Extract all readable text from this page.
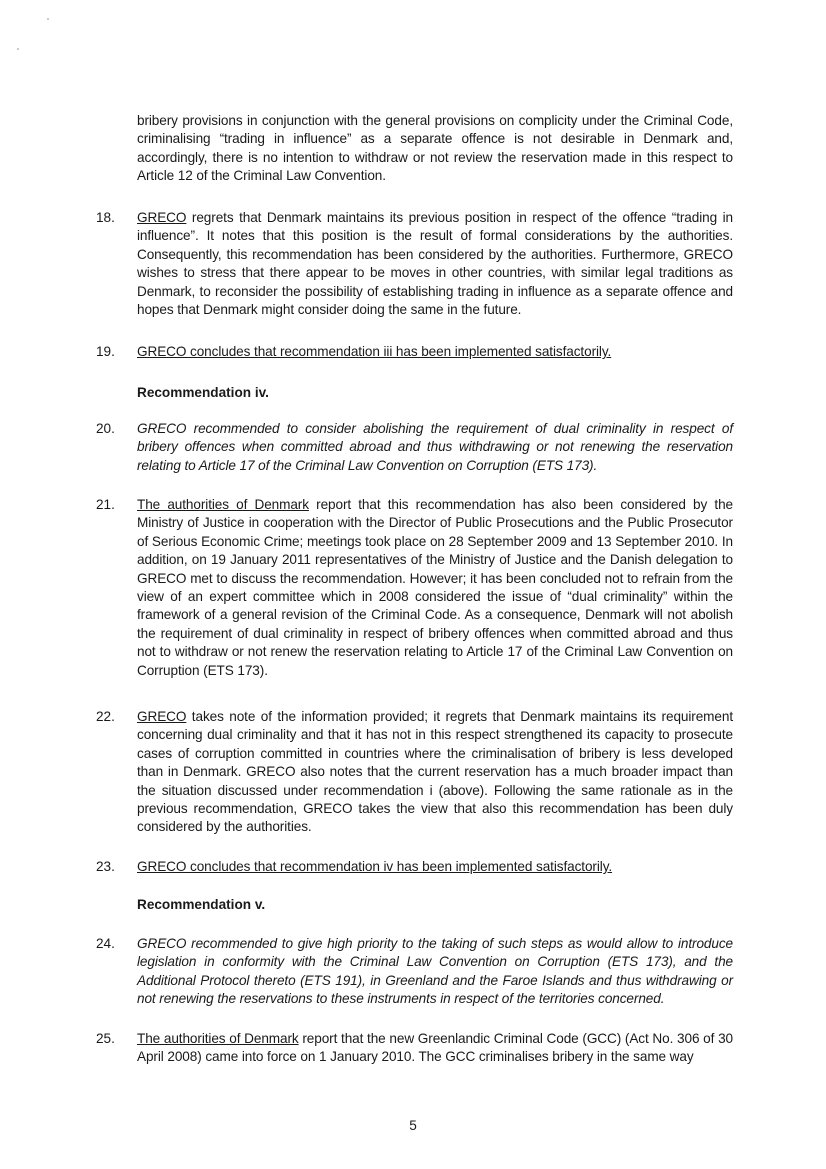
bribery provisions in conjunction with the general provisions on complicity under the Criminal Code, criminalising “trading in influence” as a separate offence is not desirable in Denmark and, accordingly, there is no intention to withdraw or not review the reservation made in this respect to Article 12 of the Criminal Law Convention.
18.	GRECO regrets that Denmark maintains its previous position in respect of the offence “trading in influence”. It notes that this position is the result of formal considerations by the authorities. Consequently, this recommendation has been considered by the authorities. Furthermore, GRECO wishes to stress that there appear to be moves in other countries, with similar legal traditions as Denmark, to reconsider the possibility of establishing trading in influence as a separate offence and hopes that Denmark might consider doing the same in the future.
19.	GRECO concludes that recommendation iii has been implemented satisfactorily.
Recommendation iv.
20.	GRECO recommended to consider abolishing the requirement of dual criminality in respect of bribery offences when committed abroad and thus withdrawing or not renewing the reservation relating to Article 17 of the Criminal Law Convention on Corruption (ETS 173).
21.	The authorities of Denmark report that this recommendation has also been considered by the Ministry of Justice in cooperation with the Director of Public Prosecutions and the Public Prosecutor of Serious Economic Crime; meetings took place on 28 September 2009 and 13 September 2010. In addition, on 19 January 2011 representatives of the Ministry of Justice and the Danish delegation to GRECO met to discuss the recommendation. However; it has been concluded not to refrain from the view of an expert committee which in 2008 considered the issue of “dual criminality” within the framework of a general revision of the Criminal Code. As a consequence, Denmark will not abolish the requirement of dual criminality in respect of bribery offences when committed abroad and thus not to withdraw or not renew the reservation relating to Article 17 of the Criminal Law Convention on Corruption (ETS 173).
22.	GRECO takes note of the information provided; it regrets that Denmark maintains its requirement concerning dual criminality and that it has not in this respect strengthened its capacity to prosecute cases of corruption committed in countries where the criminalisation of bribery is less developed than in Denmark. GRECO also notes that the current reservation has a much broader impact than the situation discussed under recommendation i (above). Following the same rationale as in the previous recommendation, GRECO takes the view that also this recommendation has been duly considered by the authorities.
23.	GRECO concludes that recommendation iv has been implemented satisfactorily.
Recommendation v.
24.	GRECO recommended to give high priority to the taking of such steps as would allow to introduce legislation in conformity with the Criminal Law Convention on Corruption (ETS 173), and the Additional Protocol thereto (ETS 191), in Greenland and the Faroe Islands and thus withdrawing or not renewing the reservations to these instruments in respect of the territories concerned.
25.	The authorities of Denmark report that the new Greenlandic Criminal Code (GCC) (Act No. 306 of 30 April 2008) came into force on 1 January 2010. The GCC criminalises bribery in the same way
5
